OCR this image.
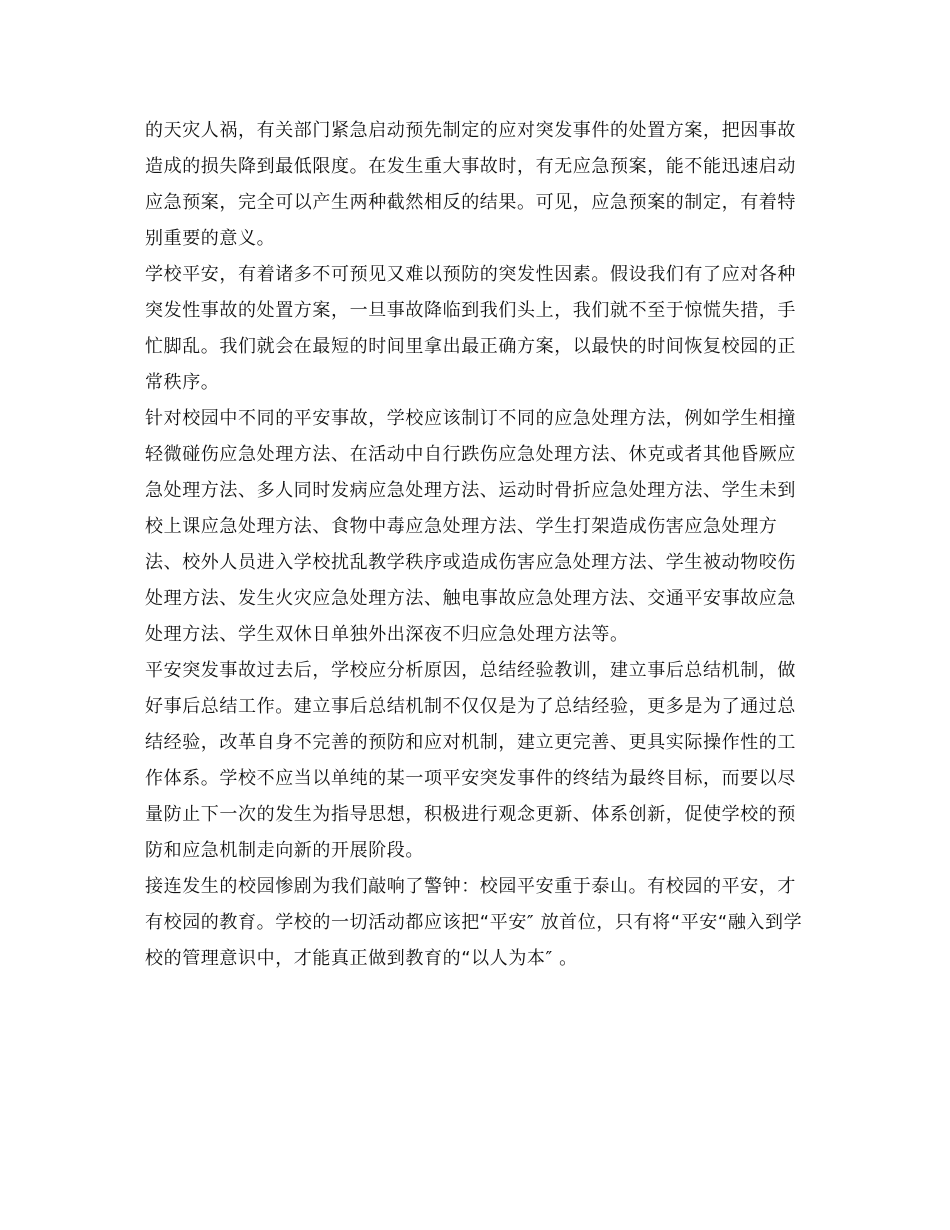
的天灾人祸，有关部门紧急启动预先制定的应对突发事件的处置方案，把因事故
造成的损失降到最低限度。在发生重大事故时，有无应急预案，能不能迅速启动
应急预案，完全可以产生两种截然相反的结果。可见，应急预案的制定，有着特
别重要的意义。
学校平安，有着诸多不可预见又难以预防的突发性因素。假设我们有了应对各种
突发性事故的处置方案，一旦事故降临到我们头上，我们就不至于惊慌失措，手
忙脚乱。我们就会在最短的时间里拿出最正确方案，以最快的时间恢复校园的正
常秩序。
针对校园中不同的平安事故，学校应该制订不同的应急处理方法，例如学生相撞
轻微碰伤应急处理方法、在活动中自行跌伤应急处理方法、休克或者其他昏厥应
急处理方法、多人同时发病应急处理方法、运动时骨折应急处理方法、学生未到
校上课应急处理方法、食物中毒应急处理方法、学生打架造成伤害应急处理方
法、校外人员进入学校扰乱教学秩序或造成伤害应急处理方法、学生被动物咬伤
处理方法、发生火灾应急处理方法、触电事故应急处理方法、交通平安事故应急
处理方法、学生双休日单独外出深夜不归应急处理方法等。
平安突发事故过去后，学校应分析原因，总结经验教训，建立事后总结机制，做
好事后总结工作。建立事后总结机制不仅仅是为了总结经验，更多是为了通过总
结经验，改革自身不完善的预防和应对机制，建立更完善、更具实际操作性的工
作体系。学校不应当以单纯的某一项平安突发事件的终结为最终目标，而要以尽
量防止下一次的发生为指导思想，积极进行观念更新、体系创新，促使学校的预
防和应急机制走向新的开展阶段。
接连发生的校园惨剧为我们敲响了警钟：校园平安重于泰山。有校园的平安，才
有校园的教育。学校的一切活动都应该把“平安″ 放首位，只有将“平安“融入到学
校的管理意识中，才能真正做到教育的“以人为本″ 。
